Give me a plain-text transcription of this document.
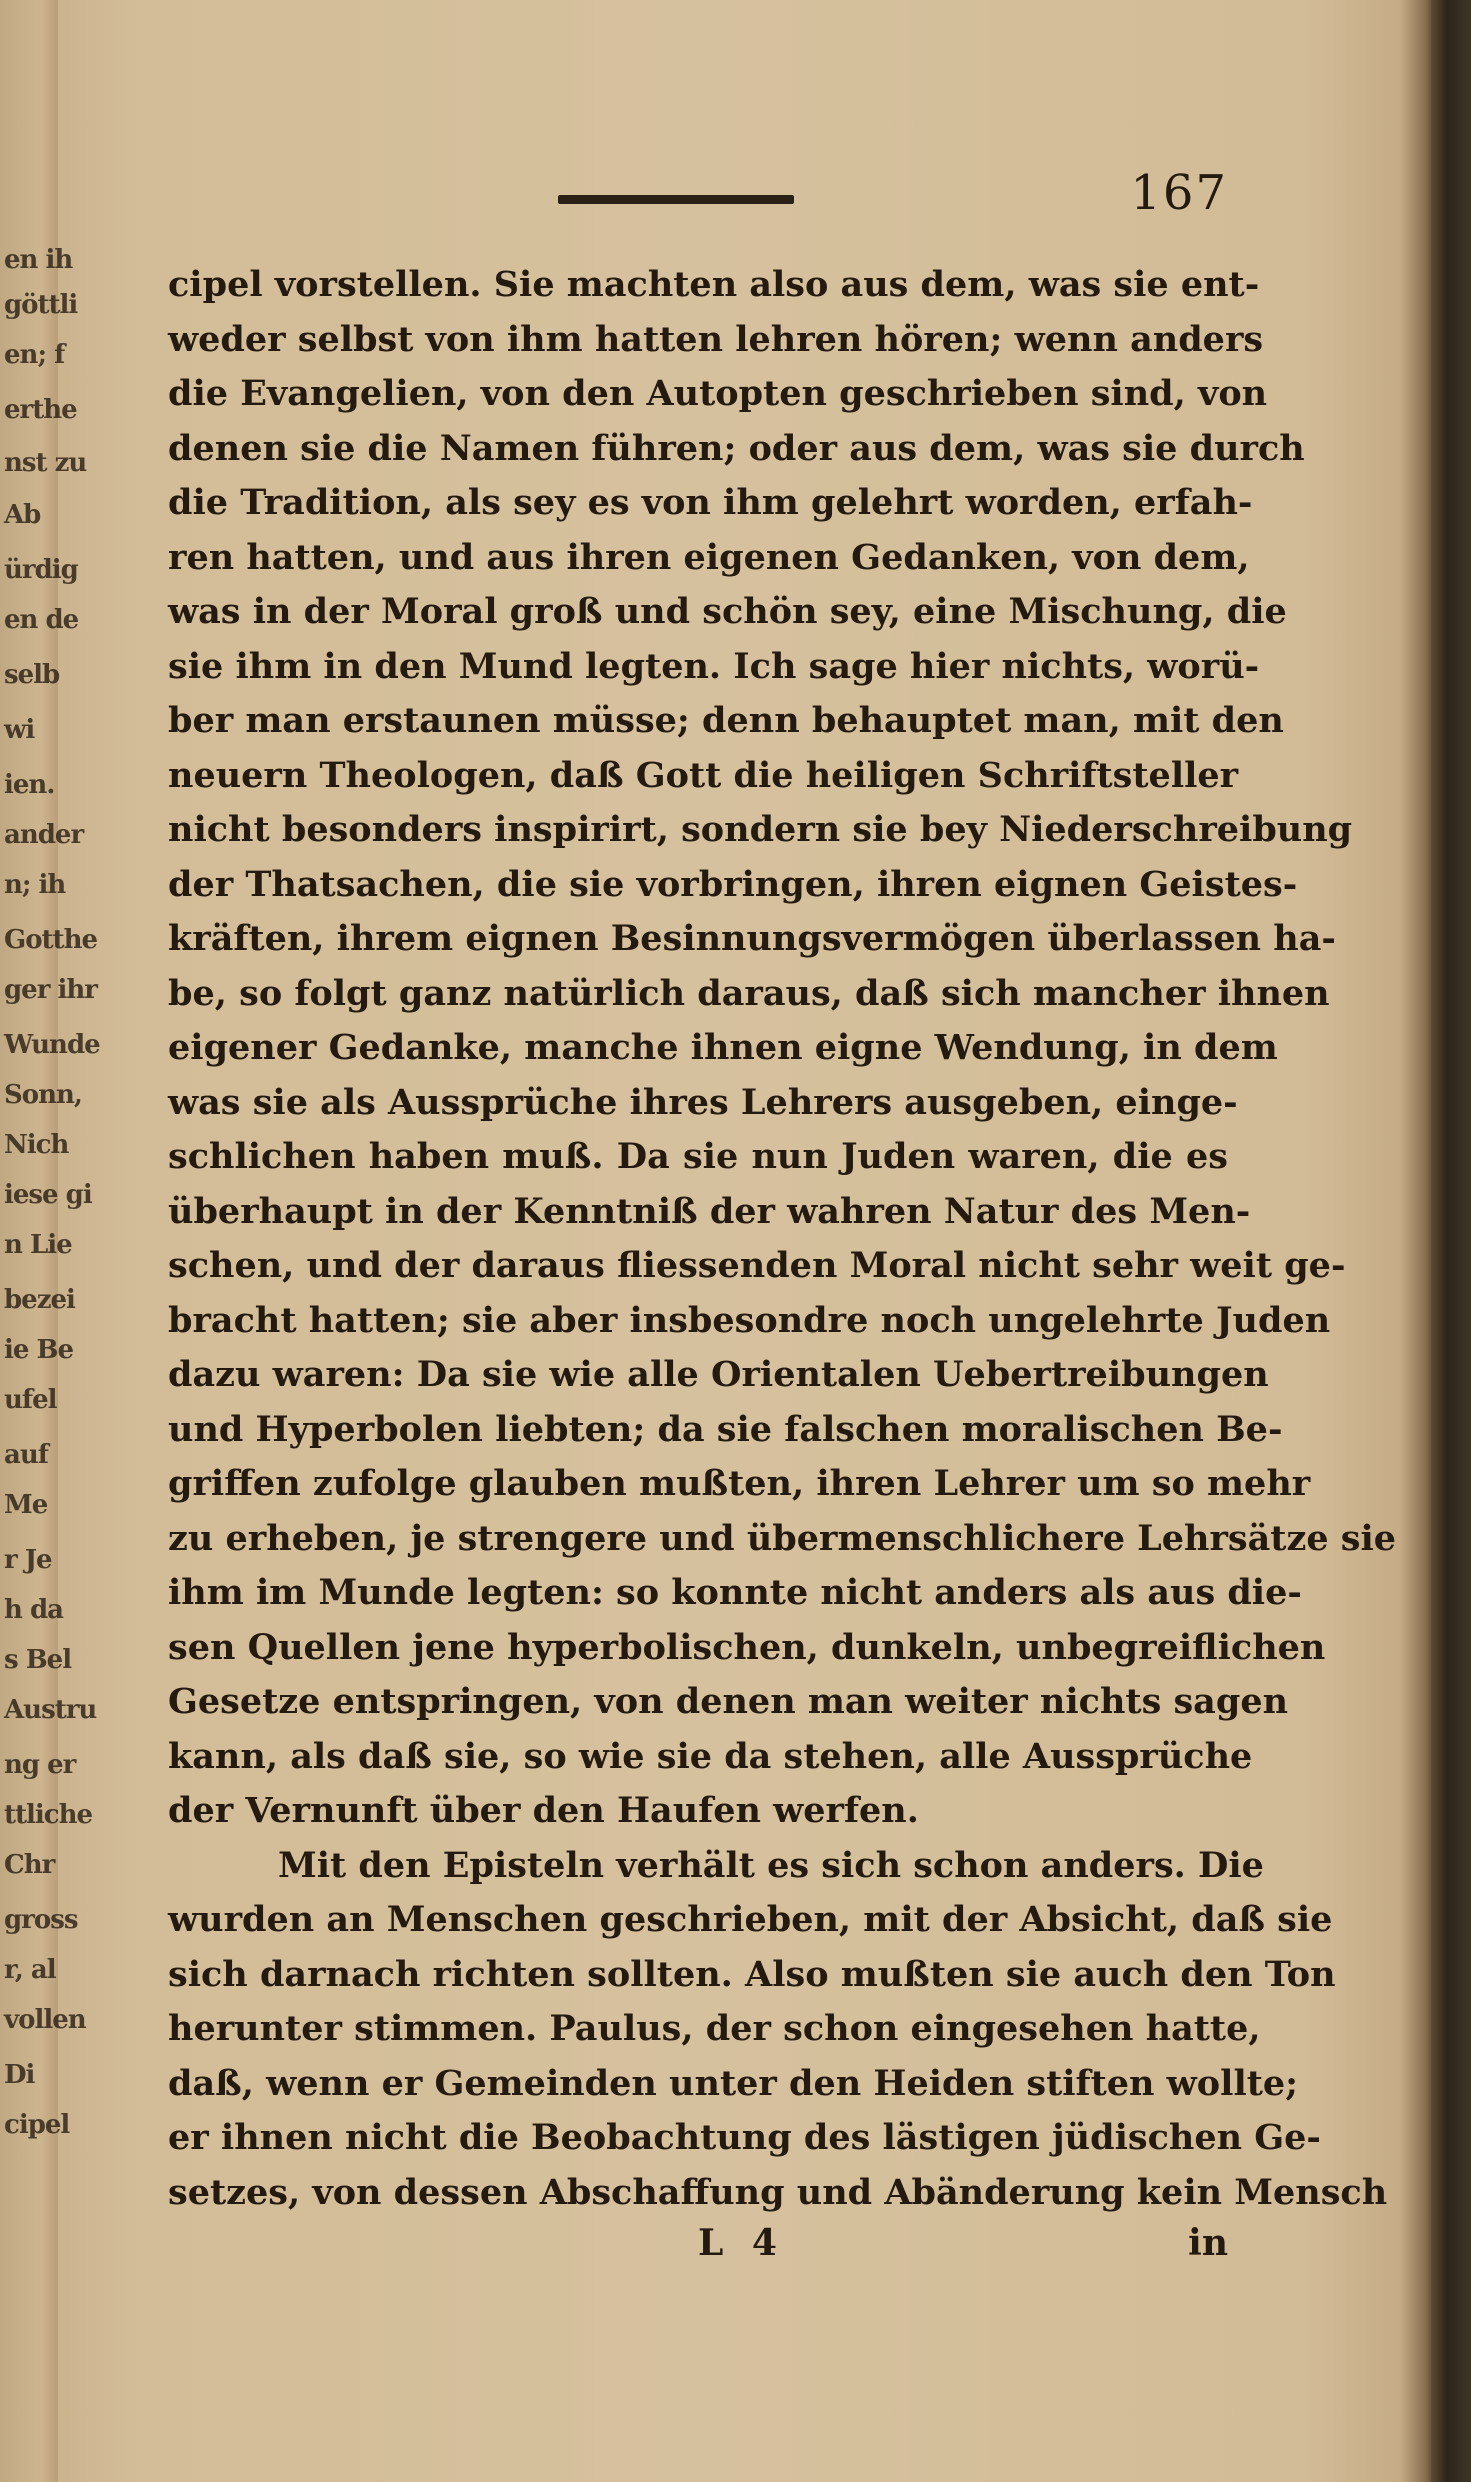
en ih
göttli
en; f
erthe
nst zu
Ab
ürdig
en de
selb
wi
ien.
ander
n; ih
Gotthe
ger ihr
Wunde
Sonn,
Nich
iese gi
n Lie
bezei
ie Be
ufel
auf
Me
r Je
h da
s Bel
Austru
ng er
ttliche
Chr
gross
r, al
vollen
Di
cipel
167
cipel vorstellen. Sie machten also aus dem, was sie ent-
weder selbst von ihm hatten lehren hören; wenn anders
die Evangelien, von den Autopten geschrieben sind, von
denen sie die Namen führen; oder aus dem, was sie durch
die Tradition, als sey es von ihm gelehrt worden, erfah-
ren hatten, und aus ihren eigenen Gedanken, von dem,
was in der Moral groß und schön sey, eine Mischung, die
sie ihm in den Mund legten. Ich sage hier nichts, worü-
ber man erstaunen müsse; denn behauptet man, mit den
neuern Theologen, daß Gott die heiligen Schriftsteller
nicht besonders inspirirt, sondern sie bey Niederschreibung
der Thatsachen, die sie vorbringen, ihren eignen Geistes-
kräften, ihrem eignen Besinnungsvermögen überlassen ha-
be, so folgt ganz natürlich daraus, daß sich mancher ihnen
eigener Gedanke, manche ihnen eigne Wendung, in dem
was sie als Aussprüche ihres Lehrers ausgeben, einge-
schlichen haben muß. Da sie nun Juden waren, die es
überhaupt in der Kenntniß der wahren Natur des Men-
schen, und der daraus fliessenden Moral nicht sehr weit ge-
bracht hatten; sie aber insbesondre noch ungelehrte Juden
dazu waren: Da sie wie alle Orientalen Uebertreibungen
und Hyperbolen liebten; da sie falschen moralischen Be-
griffen zufolge glauben mußten, ihren Lehrer um so mehr
zu erheben, je strengere und übermenschlichere Lehrsätze sie
ihm im Munde legten: so konnte nicht anders als aus die-
sen Quellen jene hyperbolischen, dunkeln, unbegreiflichen
Gesetze entspringen, von denen man weiter nichts sagen
kann, als daß sie, so wie sie da stehen, alle Aussprüche
der Vernunft über den Haufen werfen.
Mit den Episteln verhält es sich schon anders. Die
wurden an Menschen geschrieben, mit der Absicht, daß sie
sich darnach richten sollten. Also mußten sie auch den Ton
herunter stimmen. Paulus, der schon eingesehen hatte,
daß, wenn er Gemeinden unter den Heiden stiften wollte;
er ihnen nicht die Beobachtung des lästigen jüdischen Ge-
setzes, von dessen Abschaffung und Abänderung kein Mensch
L 4	in
